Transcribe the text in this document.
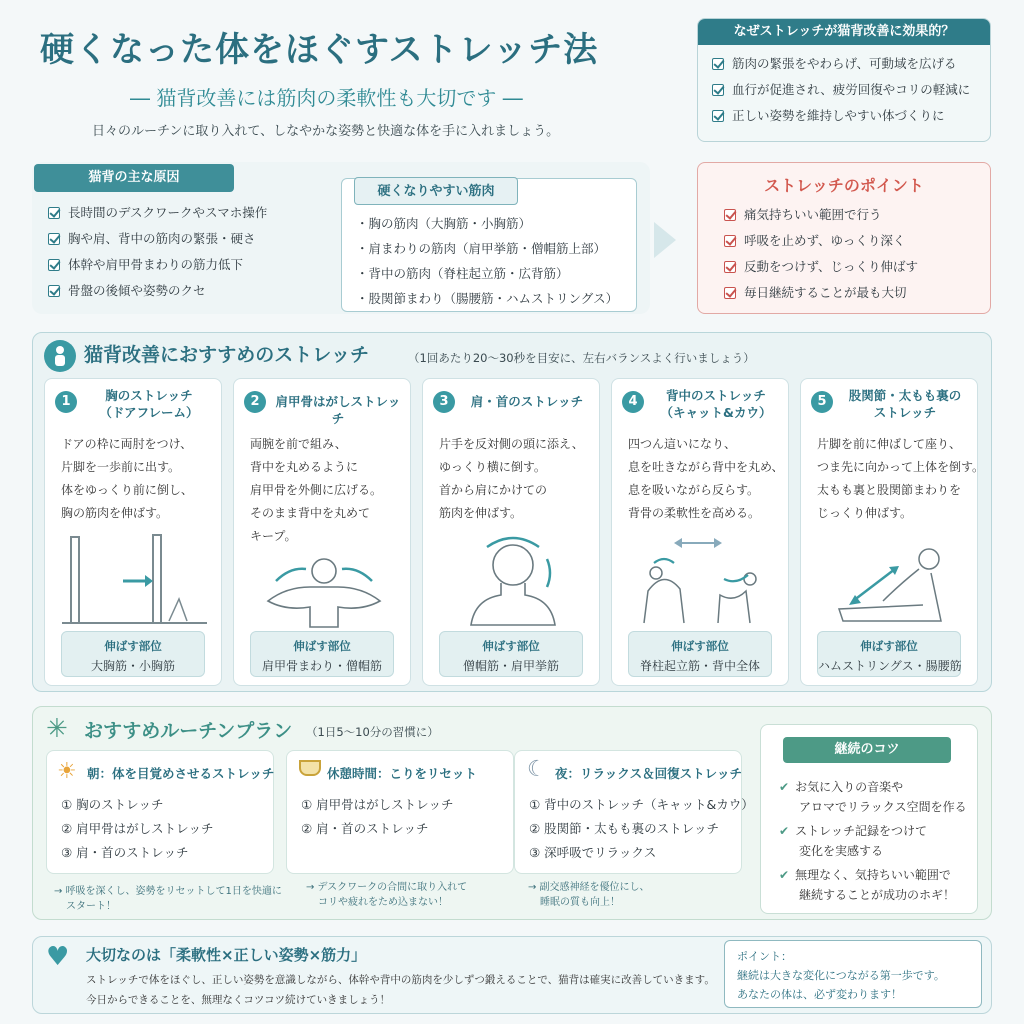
硬くなった体をほぐすストレッチ法
― 猫背改善には筋肉の柔軟性も大切です ―
日々のルーチンに取り入れて、しなやかな姿勢と快適な体を手に入れましょう。
なぜストレッチが猫背改善に効果的？
筋肉の緊張をやわらげ、可動域を広げる
血行が促進され、疲労回復やコリの軽減に
正しい姿勢を維持しやすい体づくりに
猫背の主な原因
長時間のデスクワークやスマホ操作
胸や肩、背中の筋肉の緊張・硬さ
体幹や肩甲骨まわりの筋力低下
骨盤の後傾や姿勢のクセ
硬くなりやすい筋肉
・胸の筋肉（大胸筋・小胸筋）
・肩まわりの筋肉（肩甲挙筋・僧帽筋上部）
・背中の筋肉（脊柱起立筋・広背筋）
・股関節まわり（腸腰筋・ハムストリングス）
ストレッチのポイント
痛気持ちいい範囲で行う
呼吸を止めず、ゆっくり深く
反動をつけず、じっくり伸ばす
毎日継続することが最も大切
猫背改善におすすめのストレッチ	（1回あたり20〜30秒を目安に、左右バランスよく行いましょう）
1	胸のストレッチ
（ドアフレーム）
ドアの枠に両肘をつけ、
片脚を一歩前に出す。
体をゆっくり前に倒し、
胸の筋肉を伸ばす。
伸ばす部位
大胸筋・小胸筋
2	肩甲骨はがしストレッチ
両腕を前で組み、
背中を丸めるように
肩甲骨を外側に広げる。
そのまま背中を丸めて
キープ。
伸ばす部位
肩甲骨まわり・僧帽筋
3	肩・首のストレッチ
片手を反対側の頭に添え、
ゆっくり横に倒す。
首から肩にかけての
筋肉を伸ばす。
伸ばす部位
僧帽筋・肩甲挙筋
4	背中のストレッチ
（キャット&カウ）
四つん這いになり、
息を吐きながら背中を丸め、
息を吸いながら反らす。
背骨の柔軟性を高める。
伸ばす部位
脊柱起立筋・背中全体
5	股関節・太もも裏の
ストレッチ
片脚を前に伸ばして座り、
つま先に向かって上体を倒す。
太もも裏と股関節まわりを
じっくり伸ばす。
伸ばす部位
ハムストリングス・腸腰筋
✳ おすすめルーチンプラン （1日5〜10分の習慣に）
☀ 朝：体を目覚めさせるストレッチ
① 胸のストレッチ
② 肩甲骨はがしストレッチ
③ 肩・首のストレッチ
→ 呼吸を深くし、姿勢をリセットして1日を快適に
スタート！
休憩時間：こりをリセット
① 肩甲骨はがしストレッチ
② 肩・首のストレッチ
→ デスクワークの合間に取り入れて
コリや疲れをため込まない！
☾ 夜：リラックス＆回復ストレッチ
① 背中のストレッチ（キャット&カウ）
② 股関節・太もも裏のストレッチ
③ 深呼吸でリラックス
→ 副交感神経を優位にし、
睡眠の質も向上！
継続のコツ
✔ お気に入りの音楽や
アロマでリラックス空間を作る
✔ ストレッチ記録をつけて
変化を実感する
✔ 無理なく、気持ちいい範囲で
継続することが成功のホギ！
♥ 大切なのは「柔軟性×正しい姿勢×筋力」
ストレッチで体をほぐし、正しい姿勢を意識しながら、体幹や背中の筋肉を少しずつ鍛えることで、猫背は確実に改善していきます。
今日からできることを、無理なくコツコツ続けていきましょう！
ポイント：
継続は大きな変化につながる第一歩です。
あなたの体は、必ず変わります！
